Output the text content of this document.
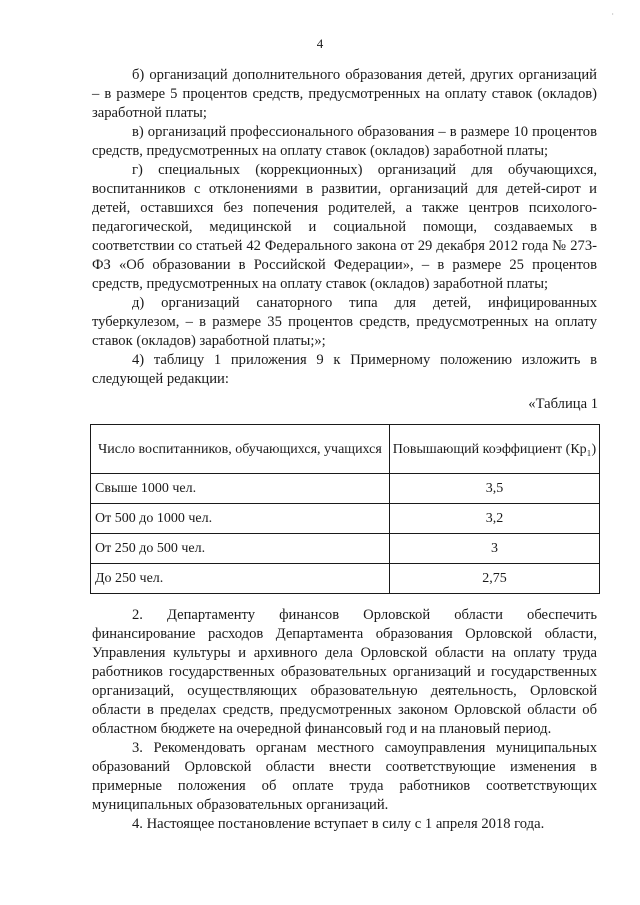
·
4

б) организаций дополнительного образования детей, других организаций – в размере 5 процентов средств, предусмотренных на оплату ставок (окладов) заработной платы;

в) организаций профессионального образования – в размере 10 процентов средств, предусмотренных на оплату ставок (окладов) заработной платы;

г) специальных (коррекционных) организаций для обучающихся, воспитанников с отклонениями в развитии, организаций для детей-сирот и детей, оставшихся без попечения родителей, а также центров психолого-педагогической, медицинской и социальной помощи, создаваемых в соответствии со статьей 42 Федерального закона от 29 декабря 2012 года № 273-ФЗ «Об образовании в Российской Федерации», – в размере 25 процентов средств, предусмотренных на оплату ставок (окладов) заработной платы;

д) организаций санаторного типа для детей, инфицированных туберкулезом, – в размере 35 процентов средств, предусмотренных на оплату ставок (окладов) заработной платы;»;

4) таблицу 1 приложения 9 к Примерному положению изложить в следующей редакции:

«Таблица 1
Число воспитанников, обучающихся, учащихся	Повышающий коэффициент (Кр₁)
Свыше 1000 чел.	3,5
От 500 до 1000 чел.	3,2
От 250 до 500 чел.	3
До 250 чел.	2,75

2. Департаменту финансов Орловской области обеспечить финансирование расходов Департамента образования Орловской области, Управления культуры и архивного дела Орловской области на оплату труда работников государственных образовательных организаций и государственных организаций, осуществляющих образовательную деятельность, Орловской области в пределах средств, предусмотренных законом Орловской области об областном бюджете на очередной финансовый год и на плановый период.

3. Рекомендовать органам местного самоуправления муниципальных образований Орловской области внести соответствующие изменения в примерные положения об оплате труда работников соответствующих муниципальных образовательных организаций.

4. Настоящее постановление вступает в силу с 1 апреля 2018 года.
